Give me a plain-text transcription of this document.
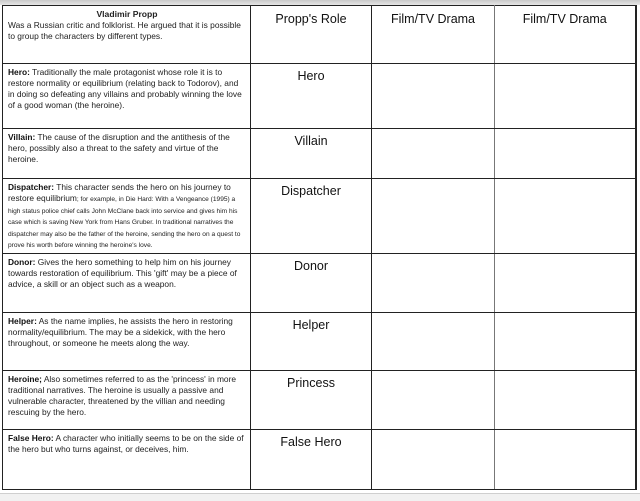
Vladimir Propp
Was a Russian critic and folklorist. He argued that it is possible to group the characters by different types.	Propp's Role	Film/TV Drama	Film/TV Drama

Hero: Traditionally the male protagonist whose role it is to restore normality or equilibrium (relating back to Todorov), and in doing so defeating any villains and probably winning the love of a good woman (the heroine).	Hero		

Villain: The cause of the disruption and the antithesis of the hero, possibly also a threat to the safety and virtue of the heroine.	Villain		

Dispatcher: This character sends the hero on his journey to restore equilibrium; for example, in Die Hard: With a Vengeance (1995) a high status police chief calls John McClane back into service and gives him his case which is saving New York from Hans Gruber. In traditional narratives the dispatcher may also be the father of the heroine, sending the hero on a quest to prove his worth before winning the heroine's love.	Dispatcher		

Donor: Gives the hero something to help him on his journey towards restoration of equilibrium. This 'gift' may be a piece of advice, a skill or an object such as a weapon.	Donor		

Helper: As the name implies, he assists the hero in restoring normality/equilibrium. The may be a sidekick, with the hero throughout, or someone he meets along the way.	Helper		

Heroine; Also sometimes referred to as the 'princess' in more traditional narratives. The heroine is usually a passive and vulnerable character, threatened by the villian and needing rescuing by the hero.	Princess		

False Hero: A character who initially seems to be on the side of the hero but who turns against, or deceives, him.	False Hero		
